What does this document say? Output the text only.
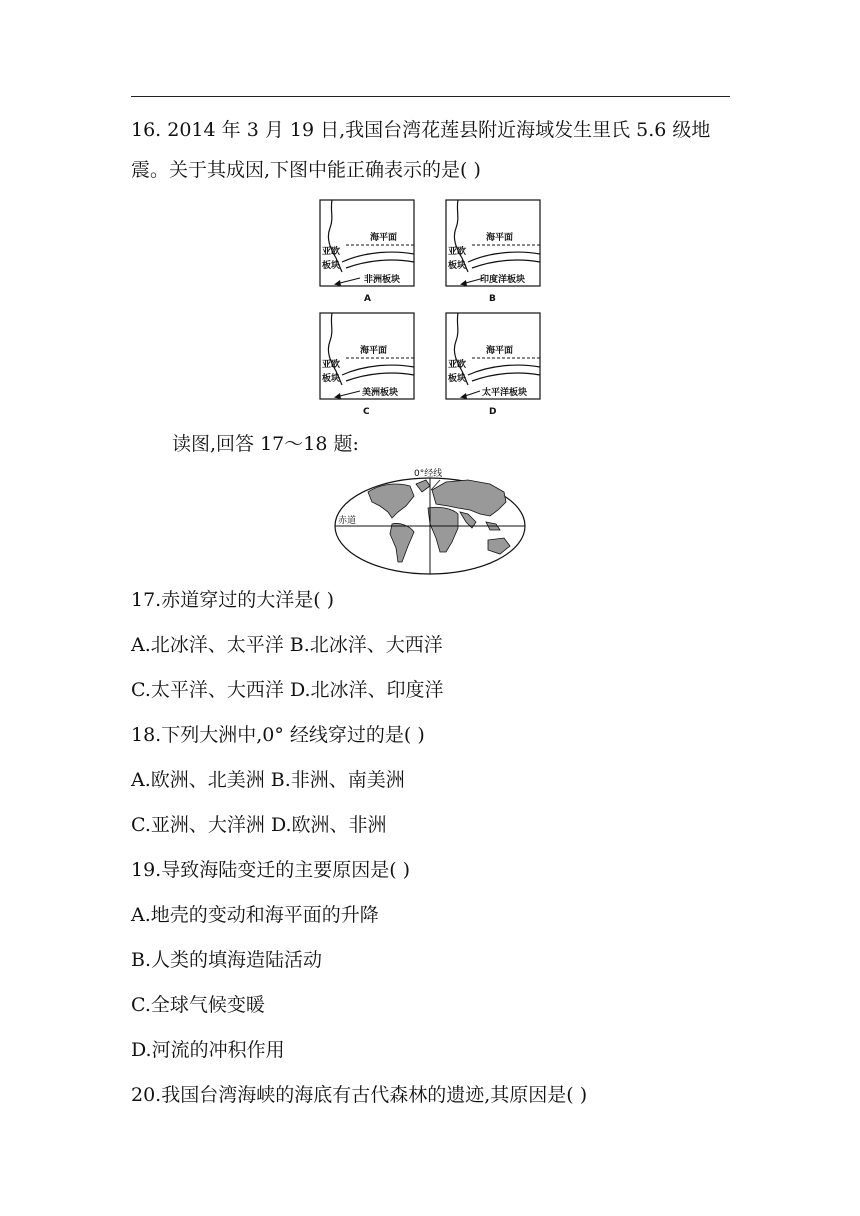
16. 2014 年 3 月 19 日,我国台湾花莲县附近海域发生里氏 5.6 级地
震。关于其成因,下图中能正确表示的是( )
海平面
亚欧
板块
非洲板块
A
海平面
亚欧
板块
印度洋板块
B
海平面
亚欧
板块
美洲板块
C
海平面
亚欧
板块
太平洋板块
D
读图,回答 17～18 题:
0°经线
赤道
17.赤道穿过的大洋是( )
A.北冰洋、太平洋 B.北冰洋、大西洋
C.太平洋、大西洋 D.北冰洋、印度洋
18.下列大洲中,0° 经线穿过的是( )
A.欧洲、北美洲 B.非洲、南美洲
C.亚洲、大洋洲 D.欧洲、非洲
19.导致海陆变迁的主要原因是( )
A.地壳的变动和海平面的升降
B.人类的填海造陆活动
C.全球气候变暖
D.河流的冲积作用
20.我国台湾海峡的海底有古代森林的遗迹,其原因是( )
